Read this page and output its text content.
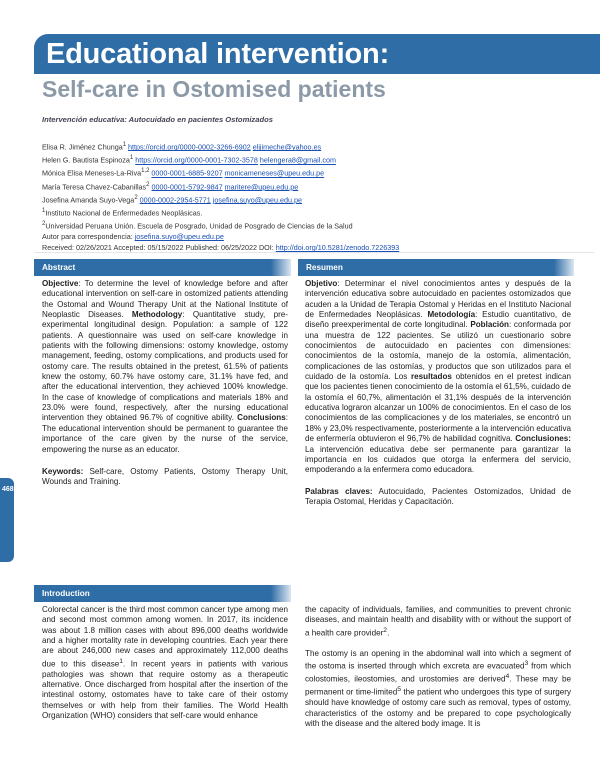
Educational intervention:
Self-care in Ostomised patients
Intervención educativa: Autocuidado en pacientes Ostomizados
Elisa R. Jiménez Chunga$^1$ https://orcid.org/0000-0002-3266-6902 elijimeche@yahoo.es
Helen G. Bautista Espinoza$^1$ https://orcid.org/0000-0001-7302-3578 helengera8@gmail.com
Mónica Elisa Meneses-La-Riva$^{1,2}$ 0000-0001-6885-9207 monicameneses@upeu.edu.pe
María Teresa Chavez-Cabanillas$^2$ 0000-0001-5792-9847 maritere@upeu.edu.pe
Josefina Amanda Suyo-Vega$^2$ 0000-0002-2954-5771 josefina.suyo@upeu.edu.pe
$^1$Instituto Nacional de Enfermedades Neoplásicas.
$^2$Universidad Peruana Unión. Escuela de Posgrado, Unidad de Posgrado de Ciencias de la Salud
Autor para correspondencia: josefina.suyo@upeu.edu.pe
Received: 02/26/2021 Accepted: 05/15/2022 Published: 06/25/2022 DOI: http://doi.org/10.5281/zenodo.7226393
Abstract	Resumen

Objective: To determine the level of knowledge before and after educational intervention on self-care in ostomized patients attending the Ostomal and Wound Therapy Unit at the National Institute of Neoplastic Diseases. Methodology: Quantitative study, pre-experimental longitudinal design. Population: a sample of 122 patients. A questionnaire was used on self-care knowledge in patients with the following dimensions: ostomy knowledge, ostomy management, feeding, ostomy complications, and products used for ostomy care. The results obtained in the pretest, 61.5% of patients knew the ostomy, 60.7% have ostomy care, 31.1% have fed, and after the educational intervention, they achieved 100% knowledge. In the case of knowledge of complications and materials 18% and 23.0% were found, respectively, after the nursing educational intervention they obtained 96.7% of cognitive ability. Conclusions: The educational intervention should be permanent to guarantee the importance of the care given by the nurse of the service, empowering the nurse as an educator.

Keywords: Self-care, Ostomy Patients, Ostomy Therapy Unit, Wounds and Training.

Objetivo: Determinar el nivel conocimientos antes y después de la intervención educativa sobre autocuidado en pacientes ostomizados que acuden a la Unidad de Terapia Ostomal y Heridas en el Instituto Nacional de Enfermedades Neoplásicas. Metodología: Estudio cuantitativo, de diseño preexperimental de corte longitudinal. Población: conformada por una muestra de 122 pacientes. Se utilizó un cuestionario sobre conocimientos de autocuidado en pacientes con dimensiones: conocimientos de la ostomía, manejo de la ostomía, alimentación, complicaciones de las ostomías, y productos que son utilizados para el cuidado de la ostomía. Los resultados obtenidos en el pretest indican que los pacientes tienen conocimiento de la ostomía el 61,5%, cuidado de la ostomía el 60,7%, alimentación el 31,1% después de la intervención educativa lograron alcanzar un 100% de conocimientos. En el caso de los conocimientos de las complicaciones y de los materiales, se encontró un 18% y 23,0% respectivamente, posteriormente a la intervención educativa de enfermería obtuvieron el 96,7% de habilidad cognitiva. Conclusiones: La intervención educativa debe ser permanente para garantizar la importancia en los cuidados que otorga la enfermera del servicio, empoderando a la enfermera como educadora.

Palabras claves: Autocuidado, Pacientes Ostomizados, Unidad de Terapia Ostomal, Heridas y Capacitación.

468
Introduction

Colorectal cancer is the third most common cancer type among men and second most common among women. In 2017, its incidence was about 1.8 million cases with about 896,000 deaths worldwide and a higher mortality rate in developing countries. Each year there are about 246,000 new cases and approximately 112,000 deaths due to this disease$^1$. In recent years in patients with various pathologies was shown that require ostomy as a therapeutic alternative. Once discharged from hospital after the insertion of the intestinal ostomy, ostomates have to take care of their ostomy themselves or with help from their families. The World Health Organization (WHO) considers that self-care would enhance

the capacity of individuals, families, and communities to prevent chronic diseases, and maintain health and disability with or without the support of a health care provider$^2$.

The ostomy is an opening in the abdominal wall into which a segment of the ostoma is inserted through which excreta are evacuated$^3$ from which colostomies, ileostomies, and urostomies are derived$^4$. These may be permanent or time-limited$^5$ the patient who undergoes this type of surgery should have knowledge of ostomy care such as removal, types of ostomy, characteristics of the ostomy and be prepared to cope psychologically with the disease and the altered body image. It is
